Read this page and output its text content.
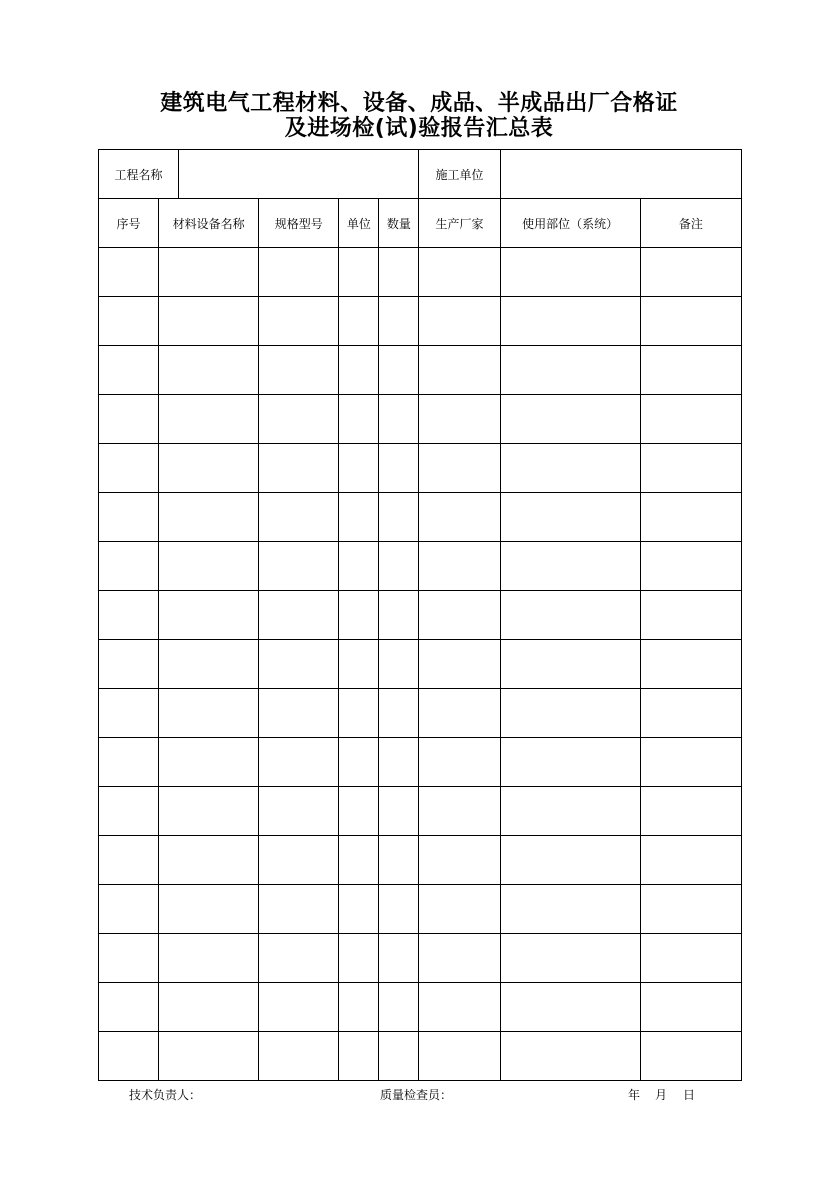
建筑电气工程材料、设备、成品、半成品出厂合格证
及进场检(试)验报告汇总表
工程名称						施工单位		
序号	材料设备名称		规格型号	单位	数量	生产厂家	使用部位（系统）	备注

技术负责人：	质量检查员：	年 月 日
